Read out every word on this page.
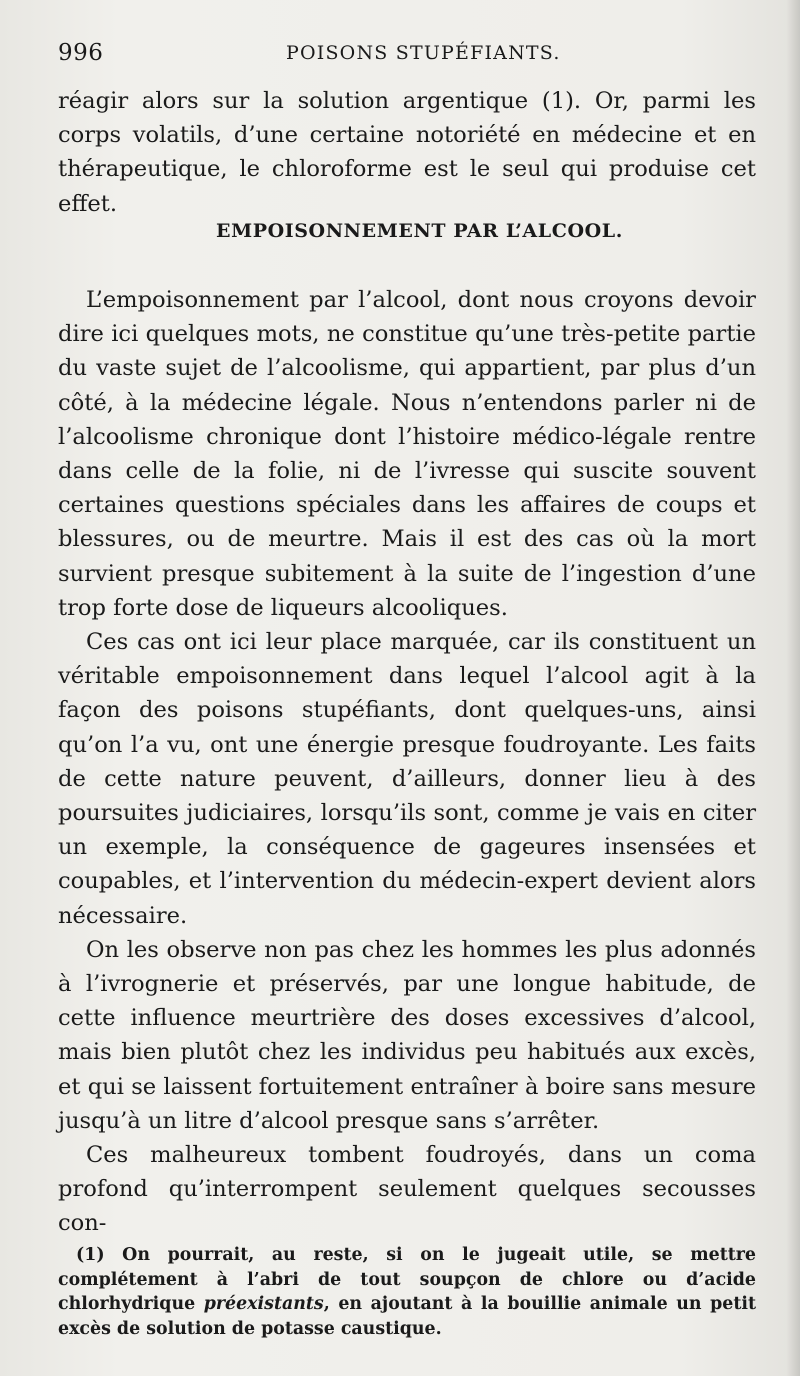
996	POISONS STUPÉFIANTS.

réagir alors sur la solution argentique (1). Or, parmi les corps volatils, d’une certaine notoriété en médecine et en thérapeutique, le chloroforme est le seul qui produise cet effet.

EMPOISONNEMENT PAR L’ALCOOL.

L’empoisonnement par l’alcool, dont nous croyons devoir dire ici quelques mots, ne constitue qu’une très-petite partie du vaste sujet de l’alcoolisme, qui appartient, par plus d’un côté, à la médecine légale. Nous n’entendons parler ni de l’alcoolisme chronique dont l’histoire médico-légale rentre dans celle de la folie, ni de l’ivresse qui suscite souvent certaines questions spéciales dans les affaires de coups et blessures, ou de meurtre. Mais il est des cas où la mort survient presque subitement à la suite de l’ingestion d’une trop forte dose de liqueurs alcooliques.

Ces cas ont ici leur place marquée, car ils constituent un véritable empoisonnement dans lequel l’alcool agit à la façon des poisons stupéfiants, dont quelques-uns, ainsi qu’on l’a vu, ont une énergie presque foudroyante. Les faits de cette nature peuvent, d’ailleurs, donner lieu à des poursuites judiciaires, lorsqu’ils sont, comme je vais en citer un exemple, la conséquence de gageures insensées et coupables, et l’intervention du médecin-expert devient alors nécessaire.

On les observe non pas chez les hommes les plus adonnés à l’ivrognerie et préservés, par une longue habitude, de cette influence meurtrière des doses excessives d’alcool, mais bien plutôt chez les individus peu habitués aux excès, et qui se laissent fortuitement entraîner à boire sans mesure jusqu’à un litre d’alcool presque sans s’arrêter.

Ces malheureux tombent foudroyés, dans un coma profond qu’interrompent seulement quelques secousses con-

(1) On pourrait, au reste, si on le jugeait utile, se mettre complétement à l’abri de tout soupçon de chlore ou d’acide chlorhydrique préexistants, en ajoutant à la bouillie animale un petit excès de solution de potasse caustique.
